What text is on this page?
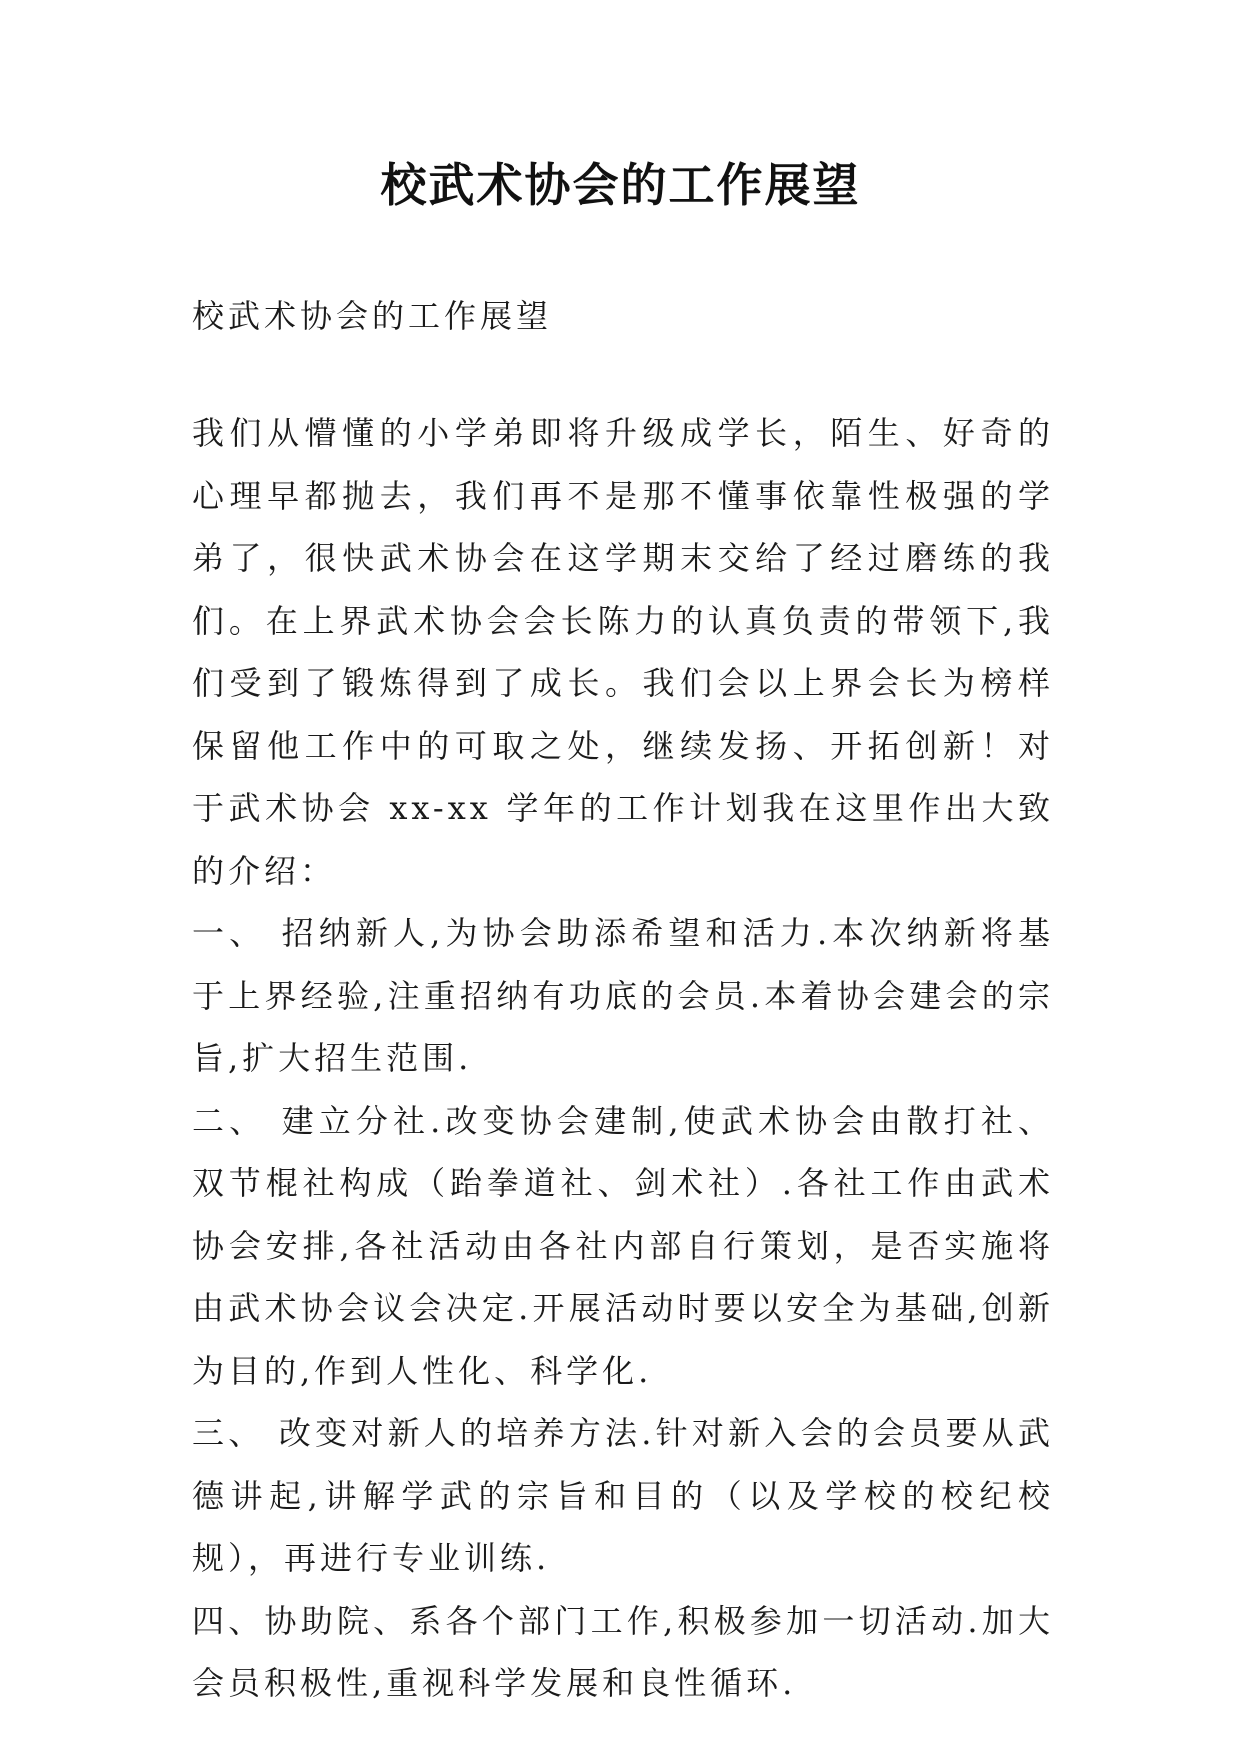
校武术协会的工作展望
校武术协会的工作展望

我们从懵懂的小学弟即将升级成学长，陌生、好奇的心理早都抛去，我们再不是那不懂事依靠性极强的学弟了，很快武术协会在这学期末交给了经过磨练的我们。在上界武术协会会长陈力的认真负责的带领下,我们受到了锻炼得到了成长。我们会以上界会长为榜样保留他工作中的可取之处，继续发扬、开拓创新！对于武术协会 xx-xx 学年的工作计划我在这里作出大致的介绍：

一、 招纳新人,为协会助添希望和活力.本次纳新将基于上界经验,注重招纳有功底的会员.本着协会建会的宗旨,扩大招生范围.

二、 建立分社.改变协会建制,使武术协会由散打社、双节棍社构成（跆拳道社、剑术社）.各社工作由武术协会安排,各社活动由各社内部自行策划，是否实施将由武术协会议会决定.开展活动时要以安全为基础,创新为目的,作到人性化、科学化.

三、 改变对新人的培养方法.针对新入会的会员要从武德讲起,讲解学武的宗旨和目的（以及学校的校纪校规），再进行专业训练.

四、协助院、系各个部门工作,积极参加一切活动.加大会员积极性,重视科学发展和良性循环.
